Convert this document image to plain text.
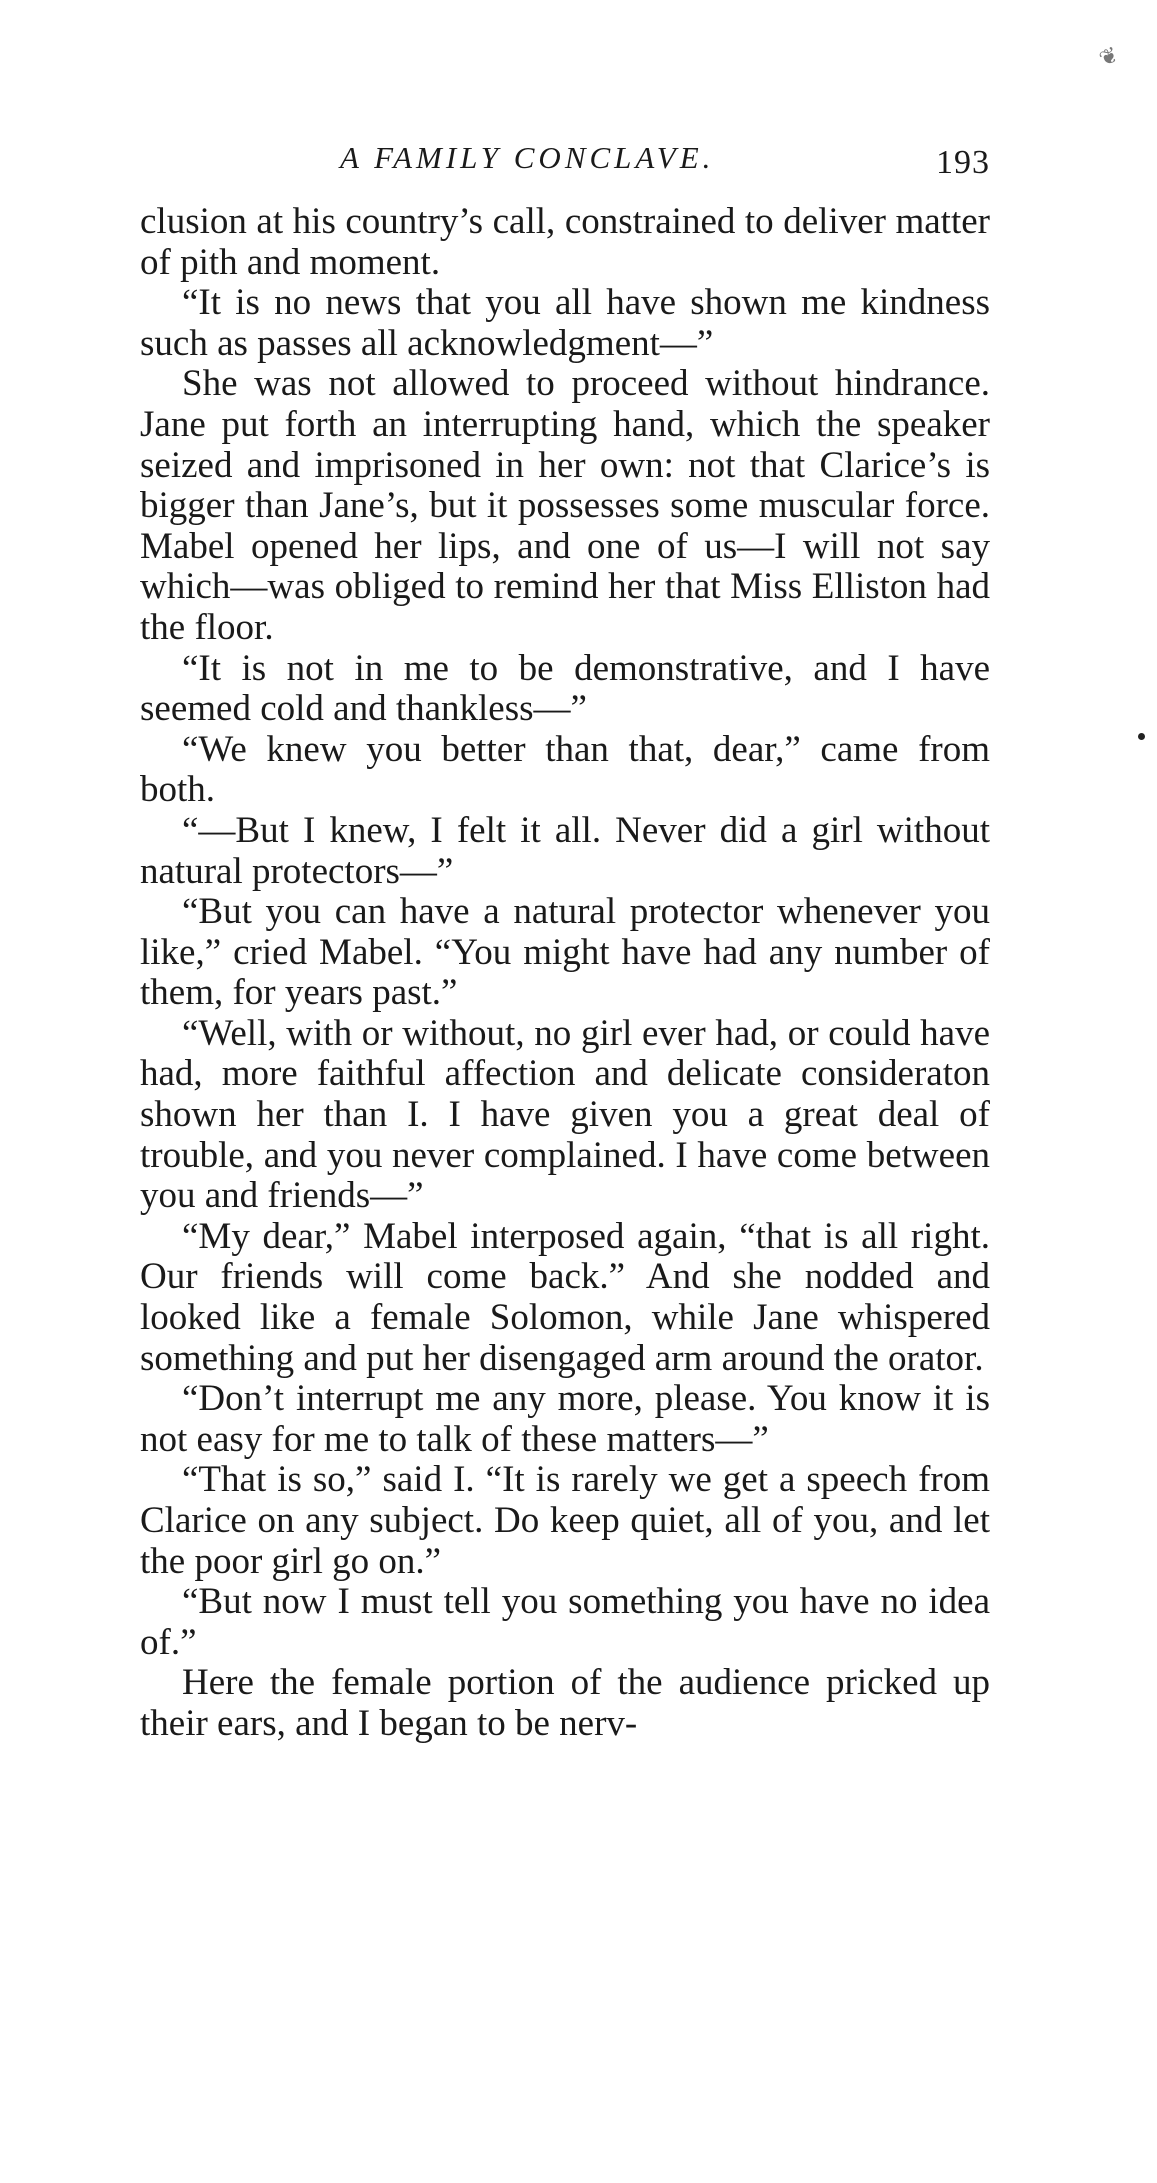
❦
A FAMILY CONCLAVE.	193

clusion at his country’s call, constrained to deliver matter of pith and moment.

“It is no news that you all have shown me kindness such as passes all acknowledgment—”

She was not allowed to proceed without hindrance. Jane put forth an interrupting hand, which the speaker seized and imprisoned in her own: not that Clarice’s is bigger than Jane’s, but it possesses some muscular force. Mabel opened her lips, and one of us—I will not say which—was obliged to remind her that Miss Elliston had the floor.

“It is not in me to be demonstrative, and I have seemed cold and thankless—”

“We knew you better than that, dear,” came from both.

“—But I knew, I felt it all. Never did a girl without natural protectors—”

“But you can have a natural protector whenever you like,” cried Mabel. “You might have had any number of them, for years past.”

“Well, with or without, no girl ever had, or could have had, more faithful affection and delicate consideraton shown her than I. I have given you a great deal of trouble, and you never complained. I have come between you and friends—”

“My dear,” Mabel interposed again, “that is all right. Our friends will come back.” And she nodded and looked like a female Solomon, while Jane whispered something and put her disengaged arm around the orator.

“Don’t interrupt me any more, please. You know it is not easy for me to talk of these matters—”

“That is so,” said I. “It is rarely we get a speech from Clarice on any subject. Do keep quiet, all of you, and let the poor girl go on.”

“But now I must tell you something you have no idea of.”

Here the female portion of the audience pricked up their ears, and I began to be nerv-
